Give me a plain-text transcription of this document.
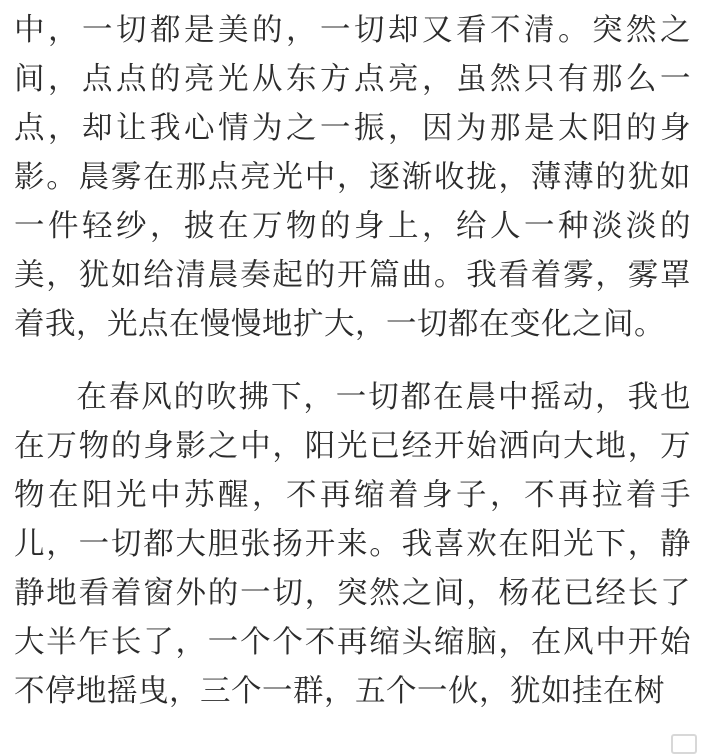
中，一切都是美的，一切却又看不清。突然之间，点点的亮光从东方点亮，虽然只有那么一点，却让我心情为之一振，因为那是太阳的身影。晨雾在那点亮光中，逐渐收拢，薄薄的犹如一件轻纱，披在万物的身上，给人一种淡淡的美，犹如给清晨奏起的开篇曲。我看着雾，雾罩着我，光点在慢慢地扩大，一切都在变化之间。

在春风的吹拂下，一切都在晨中摇动，我也在万物的身影之中，阳光已经开始洒向大地，万物在阳光中苏醒，不再缩着身子，不再拉着手儿，一切都大胆张扬开来。我喜欢在阳光下，静静地看着窗外的一切，突然之间，杨花已经长了大半乍长了，一个个不再缩头缩脑，在风中开始不停地摇曳，三个一群，五个一伙，犹如挂在树
